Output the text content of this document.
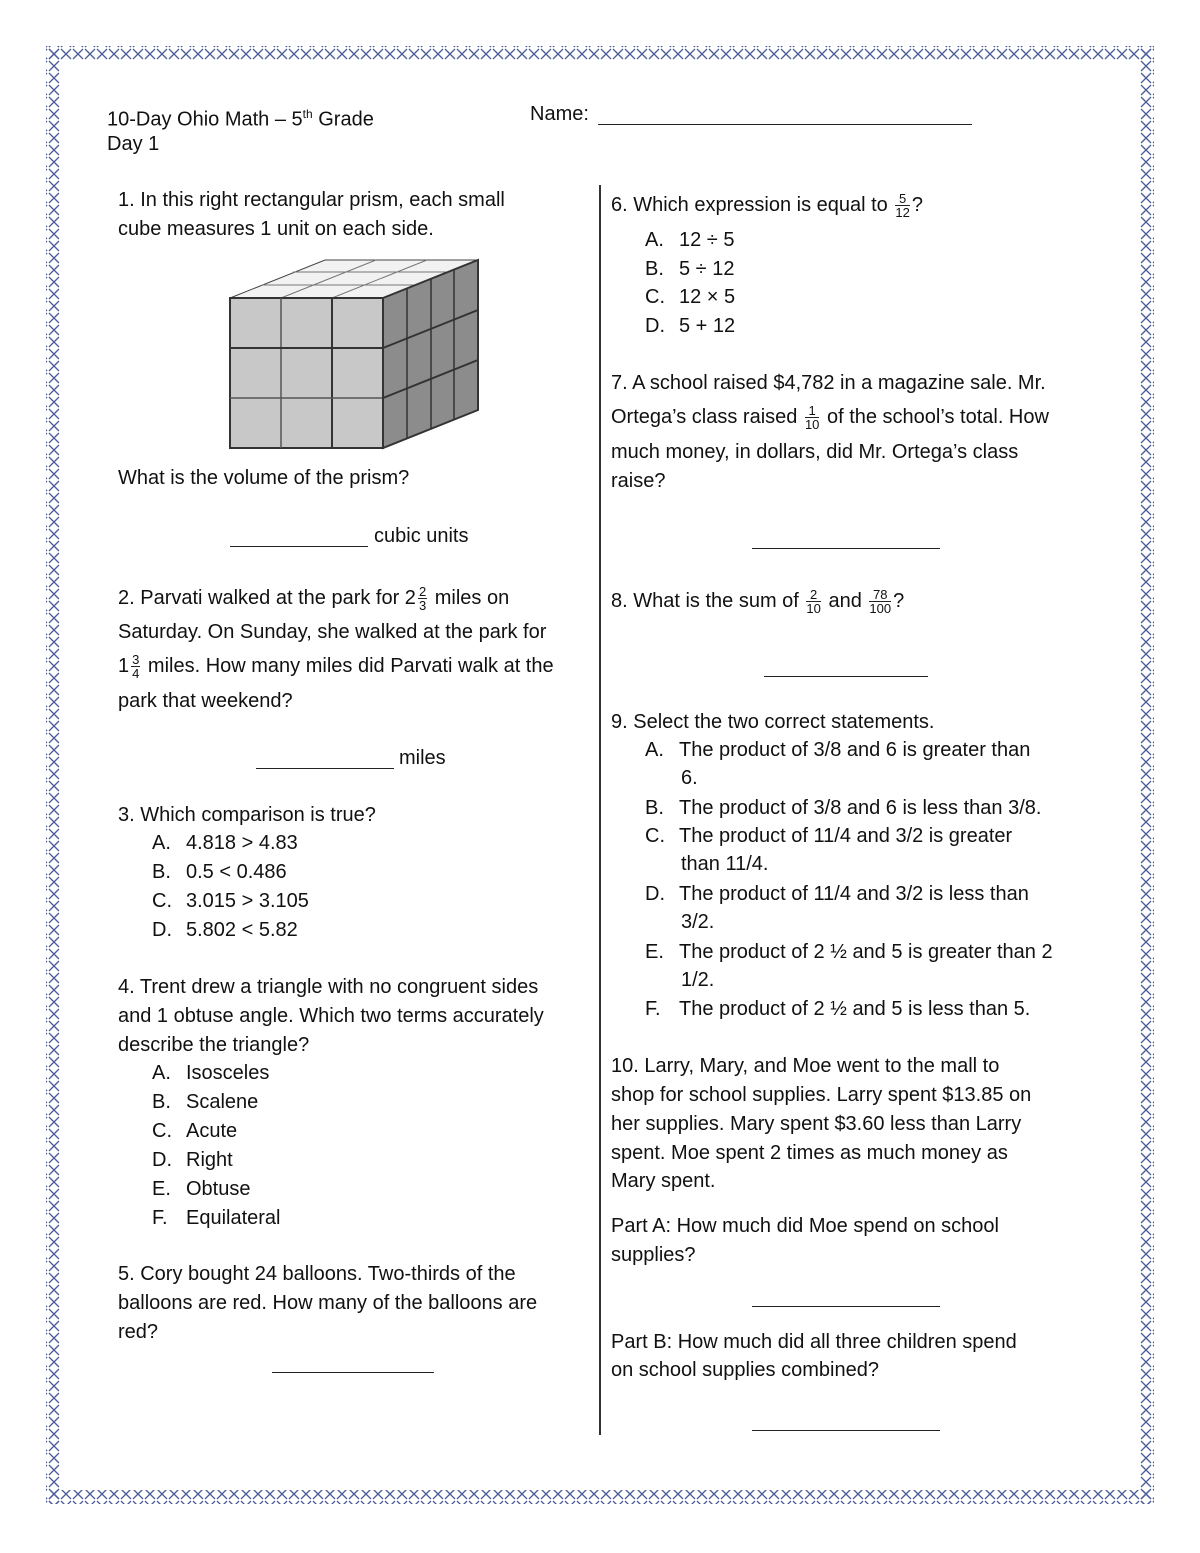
10-Day Ohio Math – 5th Grade
Day 1
Name:
1. In this right rectangular prism, each small
cube measures 1 unit on each side.
What is the volume of the prism?
cubic units
2. Parvati walked at the park for $2 \frac{2}{3}$ miles on
Saturday. On Sunday, she walked at the park for
$1 \frac{3}{4}$ miles. How many miles did Parvati walk at the
park that weekend?
miles
3. Which comparison is true?
A. 4.818 > 4.83
B. 0.5 < 0.486
C. 3.015 > 3.105
D. 5.802 < 5.82
4. Trent drew a triangle with no congruent sides
and 1 obtuse angle. Which two terms accurately
describe the triangle?
A. Isosceles
B. Scalene
C. Acute
D. Right
E. Obtuse
F. Equilateral
5. Cory bought 24 balloons. Two-thirds of the
balloons are red. How many of the balloons are
red?
6. Which expression is equal to $\frac{5}{12}$ ?
A. 12 ÷ 5
B. 5 ÷ 12
C. 12 × 5
D. 5 + 12
7. A school raised $4,782 in a magazine sale. Mr.
Ortega’s class raised $\frac{1}{10}$ of the school’s total. How
much money, in dollars, did Mr. Ortega’s class
raise?
8. What is the sum of $\frac{2}{10}$ and $\frac{78}{100}$ ?
9. Select the two correct statements.
A. The product of 3/8 and 6 is greater than
6.
B. The product of 3/8 and 6 is less than 3/8.
C. The product of 11/4 and 3/2 is greater
than 11/4.
D. The product of 11/4 and 3/2 is less than
3/2.
E. The product of 2 ½ and 5 is greater than 2
1/2.
F. The product of 2 ½ and 5 is less than 5.
10. Larry, Mary, and Moe went to the mall to
shop for school supplies. Larry spent $13.85 on
her supplies. Mary spent $3.60 less than Larry
spent. Moe spent 2 times as much money as
Mary spent.
Part A: How much did Moe spend on school
supplies?
Part B: How much did all three children spend
on school supplies combined?
